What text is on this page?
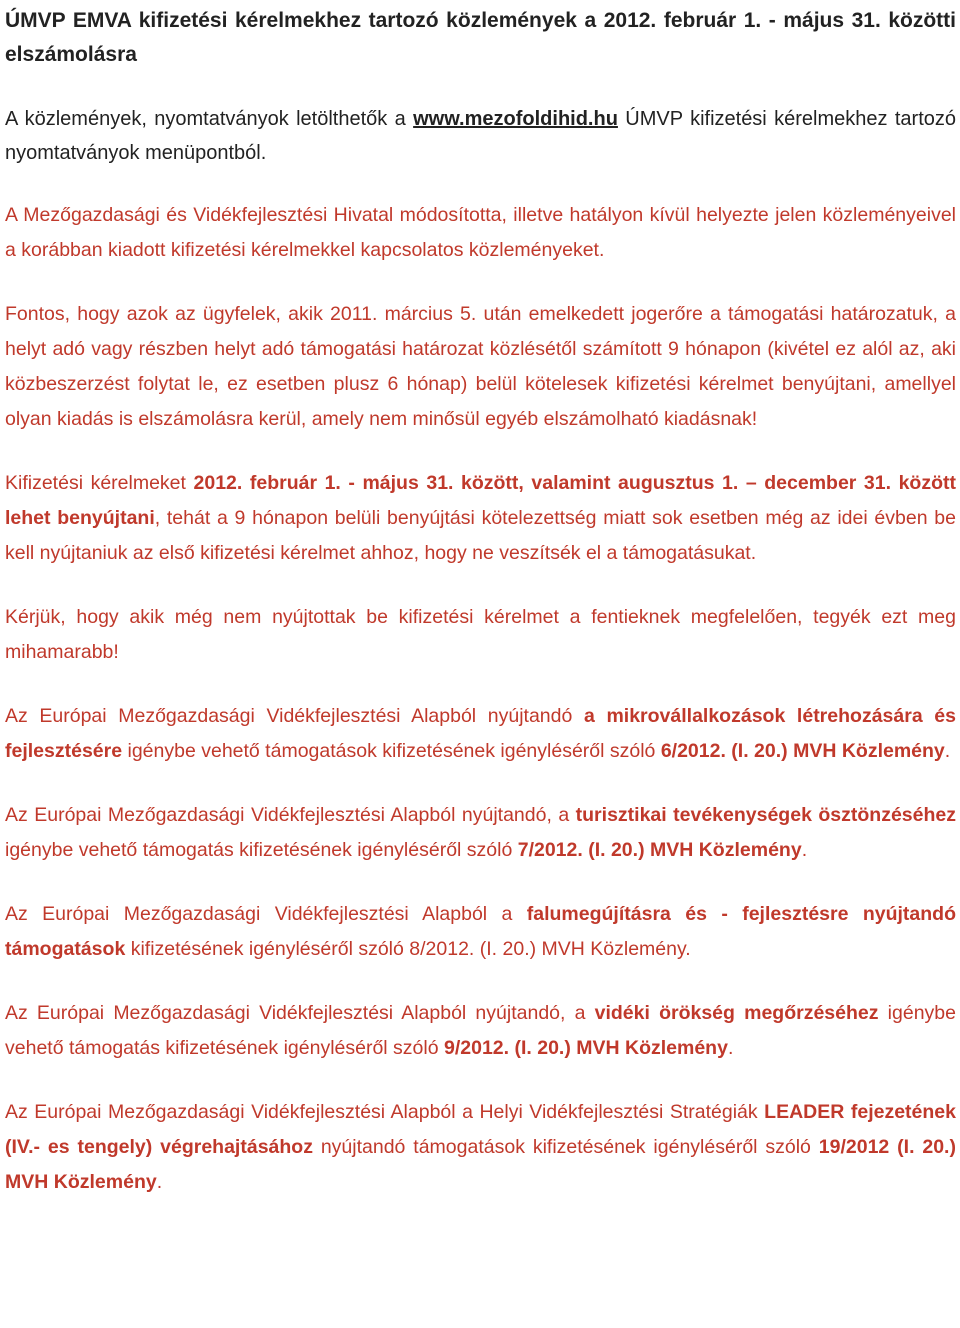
ÚMVP EMVA kifizetési kérelmekhez tartozó közlemények a 2012. február 1. - május 31. közötti elszámolásra

A közlemények, nyomtatványok letölthetők a www.mezofoldihid.hu ÚMVP kifizetési kérelmekhez tartozó nyomtatványok menüpontból.

A Mezőgazdasági és Vidékfejlesztési Hivatal módosította, illetve hatályon kívül helyezte jelen közleményeivel a korábban kiadott kifizetési kérelmekkel kapcsolatos közleményeket.

Fontos, hogy azok az ügyfelek, akik 2011. március 5. után emelkedett jogerőre a támogatási határozatuk, a helyt adó vagy részben helyt adó támogatási határozat közlésétől számított 9 hónapon (kivétel ez alól az, aki közbeszerzést folytat le, ez esetben plusz 6 hónap) belül kötelesek kifizetési kérelmet benyújtani, amellyel olyan kiadás is elszámolásra kerül, amely nem minősül egyéb elszámolható kiadásnak!

Kifizetési kérelmeket 2012. február 1. - május 31. között, valamint augusztus 1. – december 31. között lehet benyújtani, tehát a 9 hónapon belüli benyújtási kötelezettség miatt sok esetben még az idei évben be kell nyújtaniuk az első kifizetési kérelmet ahhoz, hogy ne veszítsék el a támogatásukat.

Kérjük, hogy akik még nem nyújtottak be kifizetési kérelmet a fentieknek megfelelően, tegyék ezt meg mihamarabb!

Az Európai Mezőgazdasági Vidékfejlesztési Alapból nyújtandó a mikrovállalkozások létrehozására és fejlesztésére igénybe vehető támogatások kifizetésének igényléséről szóló 6/2012. (I. 20.) MVH Közlemény.

Az Európai Mezőgazdasági Vidékfejlesztési Alapból nyújtandó, a turisztikai tevékenységek ösztönzéséhez igénybe vehető támogatás kifizetésének igényléséről szóló 7/2012. (I. 20.) MVH Közlemény.

Az Európai Mezőgazdasági Vidékfejlesztési Alapból a falumegújításra és - fejlesztésre nyújtandó támogatások kifizetésének igényléséről szóló 8/2012. (I. 20.) MVH Közlemény.

Az Európai Mezőgazdasági Vidékfejlesztési Alapból nyújtandó, a vidéki örökség megőrzéséhez igénybe vehető támogatás kifizetésének igényléséről szóló 9/2012. (I. 20.) MVH Közlemény.

Az Európai Mezőgazdasági Vidékfejlesztési Alapból a Helyi Vidékfejlesztési Stratégiák LEADER fejezetének (IV.- es tengely) végrehajtásához nyújtandó támogatások kifizetésének igényléséről szóló 19/2012 (I. 20.) MVH Közlemény.
